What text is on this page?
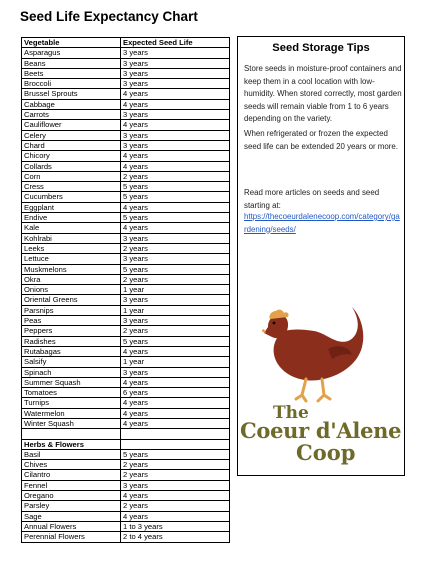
Seed Life Expectancy Chart
Vegetable	Expected Seed Life
Asparagus	3 years
Beans	3 years
Beets	3 years
Broccoli	3 years
Brussel Sprouts	4 years
Cabbage	4 years
Carrots	3 years
Cauliflower	4 years
Celery	3 years
Chard	3 years
Chicory	4 years
Collards	4 years
Corn	2 years
Cress	5 years
Cucumbers	5 years
Eggplant	4 years
Endive	5 years
Kale	4 years
Kohlrabi	3 years
Leeks	2 years
Lettuce	3 years
Muskmelons	5 years
Okra	2 years
Onions	1 year
Oriental Greens	3 years
Parsnips	1 year
Peas	3 years
Peppers	2 years
Radishes	5 years
Rutabagas	4 years
Salsify	1 year
Spinach	3 years
Summer Squash	4 years
Tomatoes	6 years
Turnips	4 years
Watermelon	4 years
Winter Squash	4 years

Herbs & Flowers	
Basil	5 years
Chives	2 years
Cilantro	2 years
Fennel	3 years
Oregano	4 years
Parsley	2 years
Sage	4 years
Annual Flowers	1 to 3 years
Perennial Flowers	2 to 4 years
Seed Storage Tips

Store seeds in moisture-proof containers and keep them in a cool location with low-humidity. When stored correctly, most garden seeds will remain viable from 1 to 6 years depending on the variety.

When refrigerated or frozen the expected seed life can be extended 20 years or more.

Read more articles on seeds and seed starting at:

https://thecoeurdalenecoop.com/category/gardening/seeds/
The
Coeur d'Alene
Coop
